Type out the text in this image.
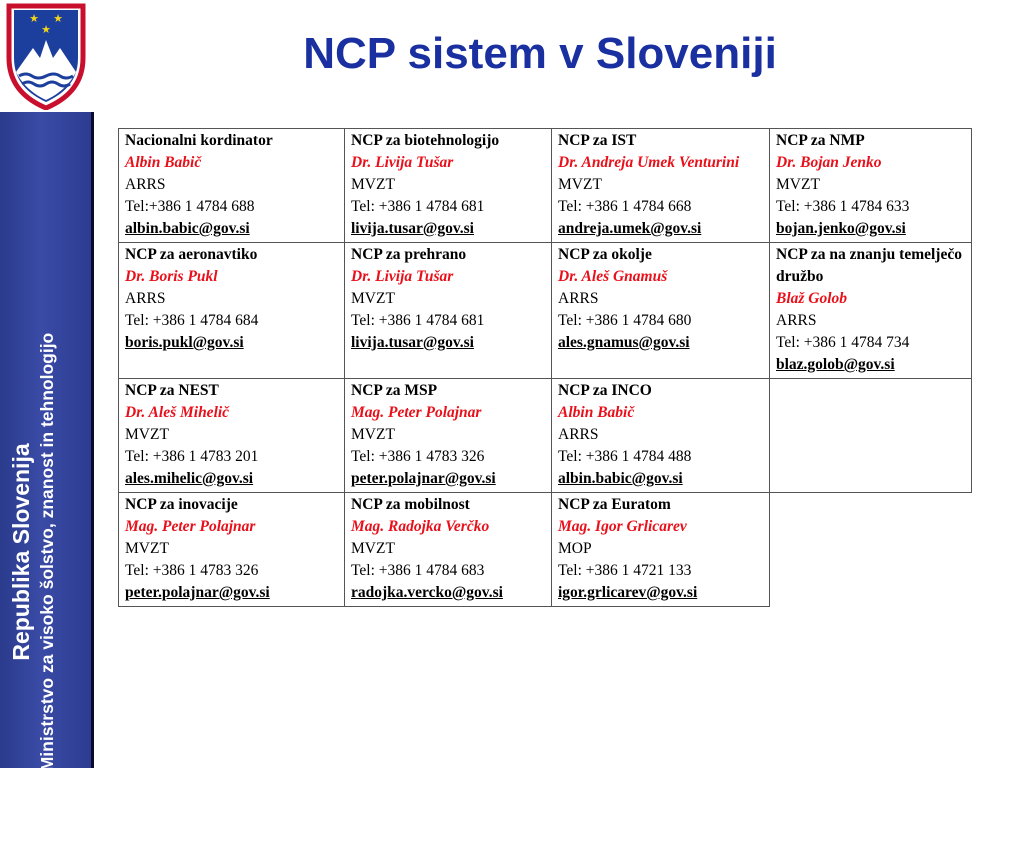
Republika Slovenija Ministrstvo za visoko šolstvo, znanost in tehnologijo
★ ★
★	NCP sistem v Sloveniji
Nacionalni kordinator
Albin Babič
ARRS
Tel:+386 1 4784 688
albin.babic@gov.si	NCP za biotehnologijo
Dr. Livija Tušar
MVZT
Tel: +386 1 4784 681
livija.tusar@gov.si	NCP za IST
Dr. Andreja Umek Venturini
MVZT
Tel: +386 1 4784 668
andreja.umek@gov.si	NCP za NMP
Dr. Bojan Jenko
MVZT
Tel: +386 1 4784 633
bojan.jenko@gov.si

NCP za aeronavtiko
Dr. Boris Pukl
ARRS
Tel: +386 1 4784 684
boris.pukl@gov.si	NCP za prehrano
Dr. Livija Tušar
MVZT
Tel: +386 1 4784 681
livija.tusar@gov.si	NCP za okolje
Dr. Aleš Gnamuš
ARRS
Tel: +386 1 4784 680
ales.gnamus@gov.si	NCP za na znanju temelječo družbo
Blaž Golob
ARRS
Tel: +386 1 4784 734
blaz.golob@gov.si

NCP za NEST
Dr. Aleš Mihelič
MVZT
Tel: +386 1 4783 201
ales.mihelic@gov.si	NCP za MSP
Mag. Peter Polajnar
MVZT
Tel: +386 1 4783 326
peter.polajnar@gov.si	NCP za INCO
Albin Babič
ARRS
Tel: +386 1 4784 488
albin.babic@gov.si	

NCP za inovacije
Mag. Peter Polajnar
MVZT
Tel: +386 1 4783 326
peter.polajnar@gov.si	NCP za mobilnost
Mag. Radojka Verčko
MVZT
Tel: +386 1 4784 683
radojka.vercko@gov.si	NCP za Euratom
Mag. Igor Grlicarev
MOP
Tel: +386 1 4721 133
igor.grlicarev@gov.si	
